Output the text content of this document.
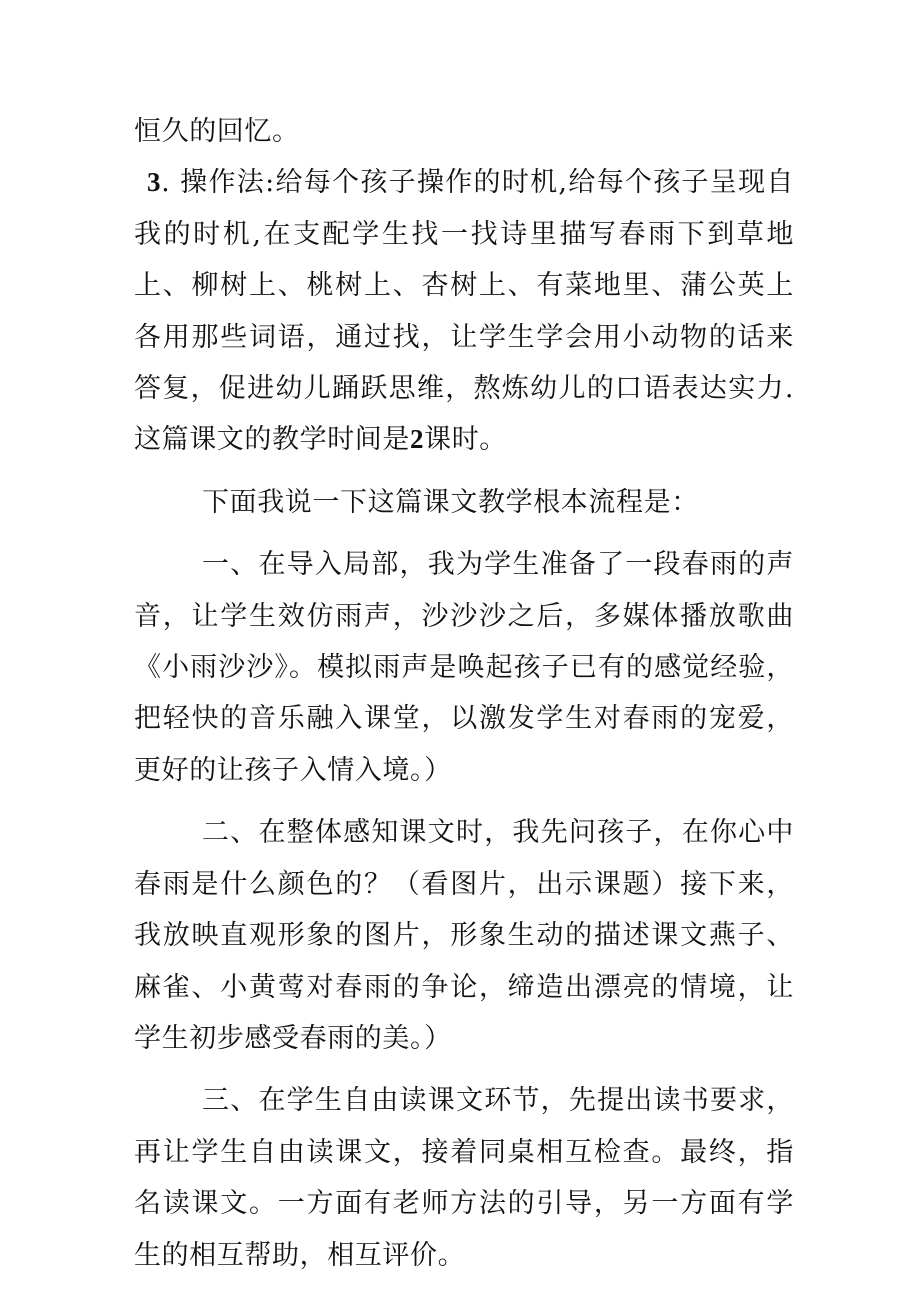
恒久的回忆。

3. 操作法:给每个孩子操作的时机,给每个孩子呈现自我的时机,在支配学生找一找诗里描写春雨下到草地上、柳树上、桃树上、杏树上、有菜地里、蒲公英上各用那些词语，通过找，让学生学会用小动物的话来答复，促进幼儿踊跃思维，熬炼幼儿的口语表达实力. 这篇课文的教学时间是2课时。

下面我说一下这篇课文教学根本流程是：

一、在导入局部，我为学生准备了一段春雨的声音，让学生效仿雨声，沙沙沙之后，多媒体播放歌曲《小雨沙沙》。模拟雨声是唤起孩子已有的感觉经验，把轻快的音乐融入课堂，以激发学生对春雨的宠爱，更好的让孩子入情入境。）

二、在整体感知课文时，我先问孩子，在你心中春雨是什么颜色的？（看图片，出示课题）接下来，我放映直观形象的图片，形象生动的描述课文燕子、麻雀、小黄莺对春雨的争论，缔造出漂亮的情境，让学生初步感受春雨的美。）

三、在学生自由读课文环节，先提出读书要求，再让学生自由读课文，接着同桌相互检查。最终，指名读课文。一方面有老师方法的引导，另一方面有学生的相互帮助，相互评价。
